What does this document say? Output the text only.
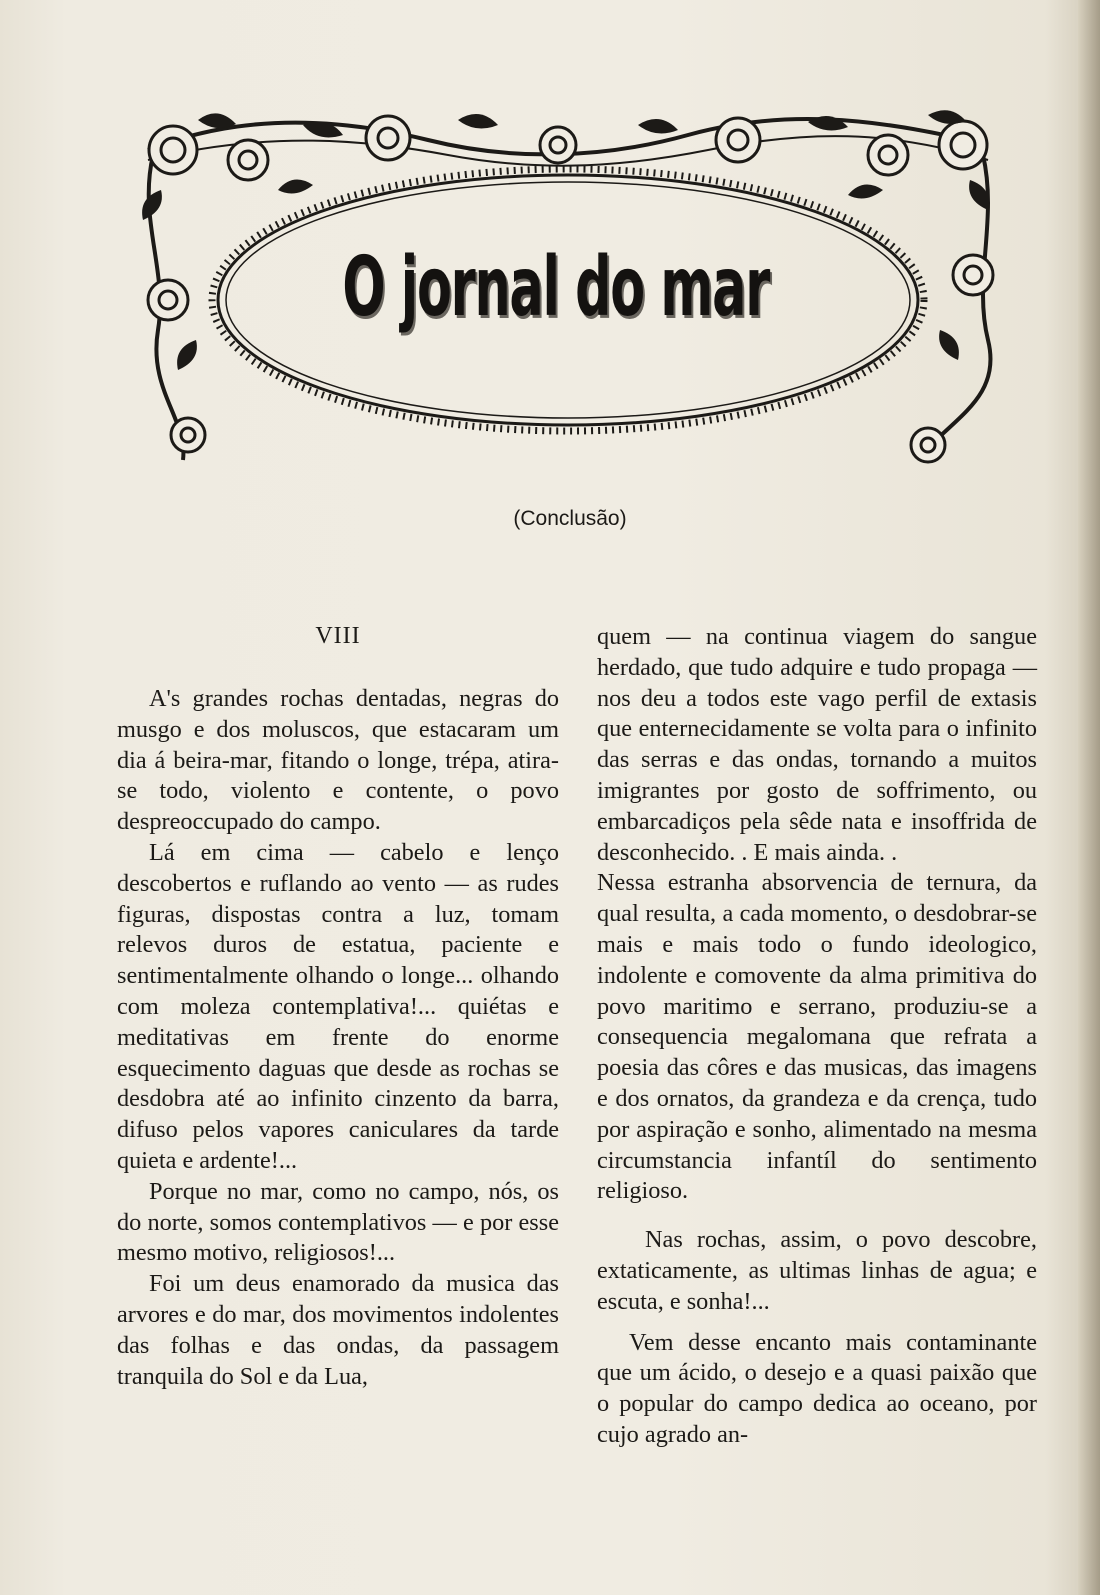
O jornal do mar
(Conclusão)
VIII

A's grandes rochas dentadas, negras do musgo e dos moluscos, que estacaram um dia á beira-mar, fitando o longe, trépa, atira-se todo, violento e contente, o povo despreoccupado do campo.

Lá em cima — cabelo e lenço descobertos e ruflando ao vento — as rudes figuras, dispostas contra a luz, tomam relevos duros de estatua, paciente e sentimentalmente olhando o longe... olhando com moleza contemplativa!... quiétas e meditativas em frente do enorme esquecimento daguas que desde as rochas se desdobra até ao infinito cinzento da barra, difuso pelos vapores caniculares da tarde quieta e ardente!...

Porque no mar, como no campo, nós, os do norte, somos contemplativos — e por esse mesmo motivo, religiosos!...

Foi um deus enamorado da musica das arvores e do mar, dos movimentos indolentes das folhas e das ondas, da passagem tranquila do Sol e da Lua,

quem — na continua viagem do sangue herdado, que tudo adquire e tudo propaga — nos deu a todos este vago perfil de extasis que enternecidamente se volta para o infinito das serras e das ondas, tornando a muitos imigrantes por gosto de soffrimento, ou embarcadiços pela sêde nata e insoffrida de desconhecido. . E mais ainda. .

Nessa estranha absorvencia de ternura, da qual resulta, a cada momento, o desdobrar-se mais e mais todo o fundo ideologico, indolente e comovente da alma primitiva do povo maritimo e serrano, produziu-se a consequencia megalomana que refrata a poesia das côres e das musicas, das imagens e dos ornatos, da grandeza e da crença, tudo por aspiração e sonho, alimentado na mesma circumstancia infantíl do sentimento religioso.

Nas rochas, assim, o povo descobre, extaticamente, as ultimas linhas de agua; e escuta, e sonha!...

Vem desse encanto mais contaminante que um ácido, o desejo e a quasi paixão que o popular do campo dedica ao oceano, por cujo agrado an-
